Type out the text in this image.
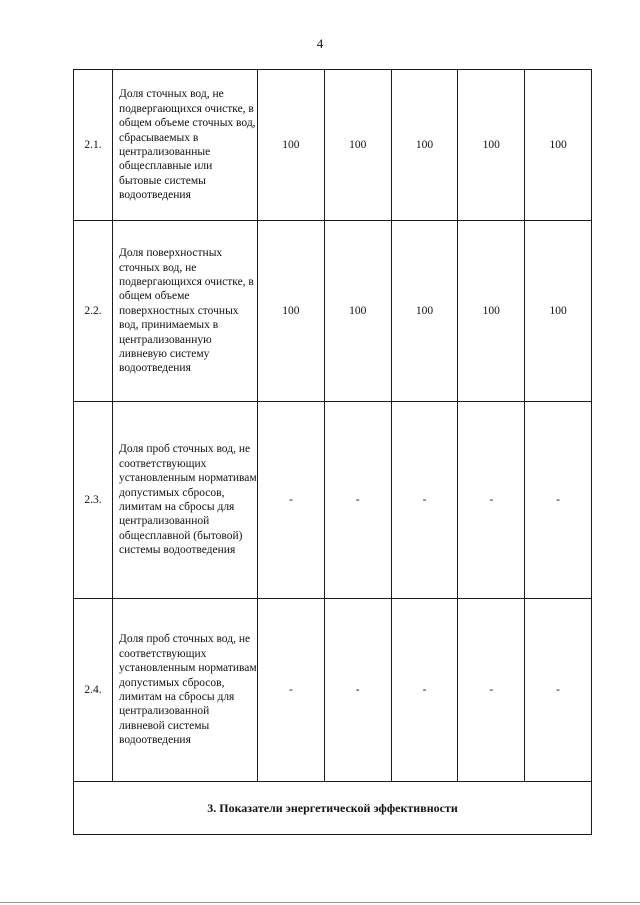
4
2.1.	Доля сточных вод, не подвергающихся очистке, в общем объеме сточных вод, сбрасываемых в централизованные общесплавные или бытовые системы водоотведения	100	100	100	100	100
2.2.	Доля поверхностных сточных вод, не подвергающихся очистке, в общем объеме поверхностных сточных вод, принимаемых в централизованную ливневую систему водоотведения	100	100	100	100	100
2.3.	Доля проб сточных вод, не соответствующих установленным нормативам допустимых сбросов, лимитам на сбросы для централизованной общесплавной (бытовой) системы водоотведения	-	-	-	-	-
2.4.	Доля проб сточных вод, не соответствующих установленным нормативам допустимых сбросов, лимитам на сбросы для централизованной ливневой системы водоотведения	-	-	-	-	-
3. Показатели энергетической эффективности						
